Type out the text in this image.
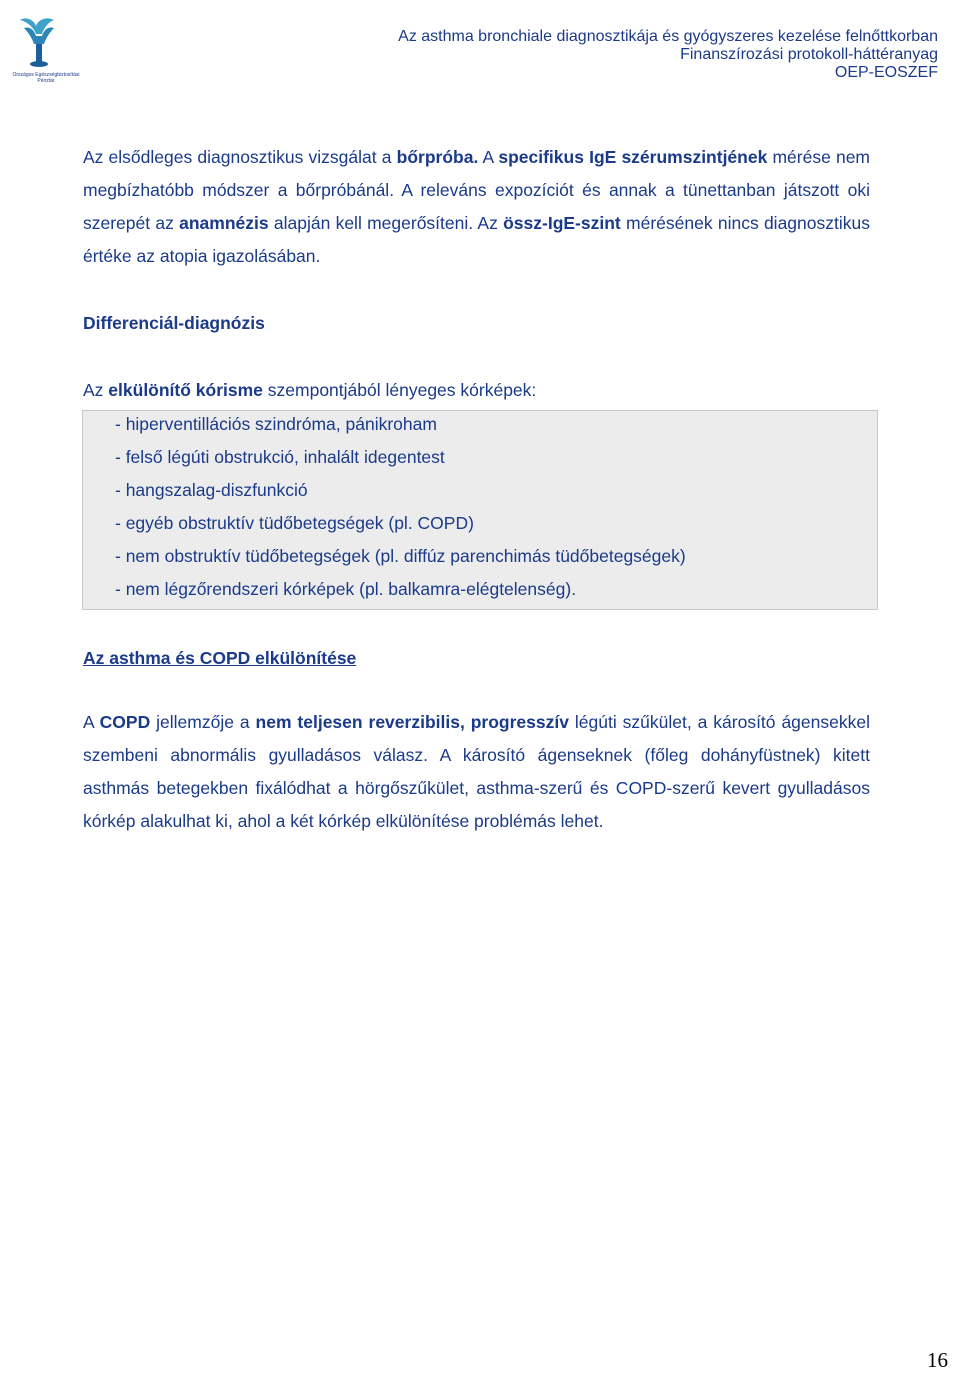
Országos Egészségbiztosítási Pénztár
Az asthma bronchiale diagnosztikája és gyógyszeres kezelése felnőttkorban
Finanszírozási protokoll-háttéranyag
OEP-EOSZEF
Az elsődleges diagnosztikus vizsgálat a bőrpróba. A specifikus IgE szérumszintjének mérése nem megbízhatóbb módszer a bőrpróbánál. A releváns expozíciót és annak a tünettanban játszott oki szerepét az anamnézis alapján kell megerősíteni. Az össz-IgE-szint mérésének nincs diagnosztikus értéke az atopia igazolásában.
Differenciál-diagnózis
Az elkülönítő kórisme szempontjából lényeges kórképek:
- hiperventillációs szindróma, pánikroham
- felső légúti obstrukció, inhalált idegentest
- hangszalag-diszfunkció
- egyéb obstruktív tüdőbetegségek (pl. COPD)
- nem obstruktív tüdőbetegségek (pl. diffúz parenchimás tüdőbetegségek)
- nem légzőrendszeri kórképek (pl. balkamra-elégtelenség).
Az asthma és COPD elkülönítése
A COPD jellemzője a nem teljesen reverzibilis, progresszív légúti szűkület, a károsító ágensekkel szembeni abnormális gyulladásos válasz. A károsító ágenseknek (főleg dohányfüstnek) kitett asthmás betegekben fixálódhat a hörgőszűkület, asthma-szerű és COPD-szerű kevert gyulladásos kórkép alakulhat ki, ahol a két kórkép elkülönítése problémás lehet.
16
